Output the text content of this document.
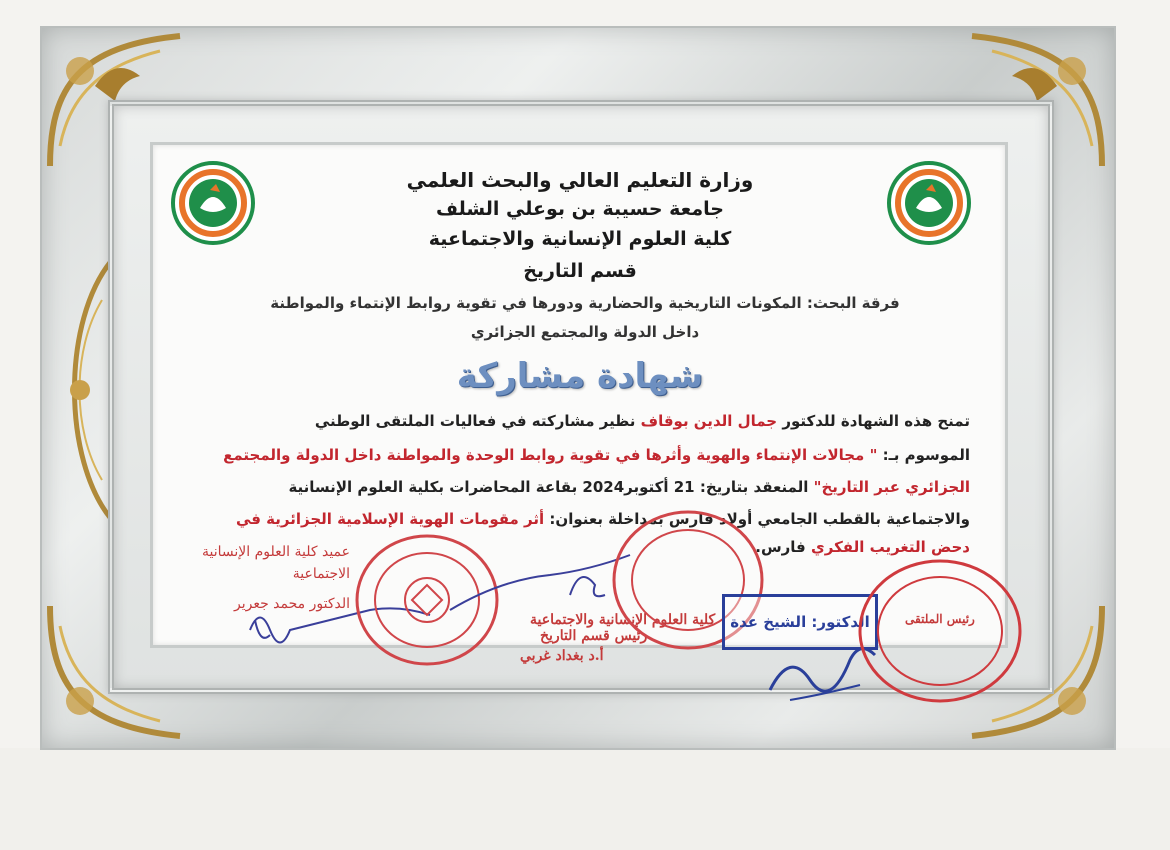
وزارة التعليم العالي والبحث العلمي
جامعة حسيبة بن بوعلي الشلف
كلية العلوم الإنسانية والاجتماعية
قسم التاريخ
فرقة البحث: المكونات التاريخية والحضارية ودورها في تقوية روابط الإنتماء والمواطنة
داخل الدولة والمجتمع الجزائري
شهادة مشاركة
تمنح هذه الشهادة للدكتور جمال الدين بوقاف نظير مشاركته في فعاليات الملتقى الوطني
الموسوم بـ: " مجالات الإنتماء والهوية وأثرها في تقوية روابط الوحدة والمواطنة داخل الدولة والمجتمع
الجزائري عبر التاريخ" المنعقد بتاريخ: 21 أكتوبر2024 بقاعة المحاضرات بكلية العلوم الإنسانية
والاجتماعية بالقطب الجامعي أولاد فارس بمداخلة بعنوان: أثر مقومات الهوية الإسلامية الجزائرية في
دحض التغريب الفكري فارس.
عميد كلية العلوم الإنسانية
الاجتماعية
الدكتور محمد جعرير
كلية العلوم الإنسانية والاجتماعية
رئيس قسم التاريخ
أ.د بغداد غربي
الدكتور: الشيخ عدة	رئيس الملتقى
